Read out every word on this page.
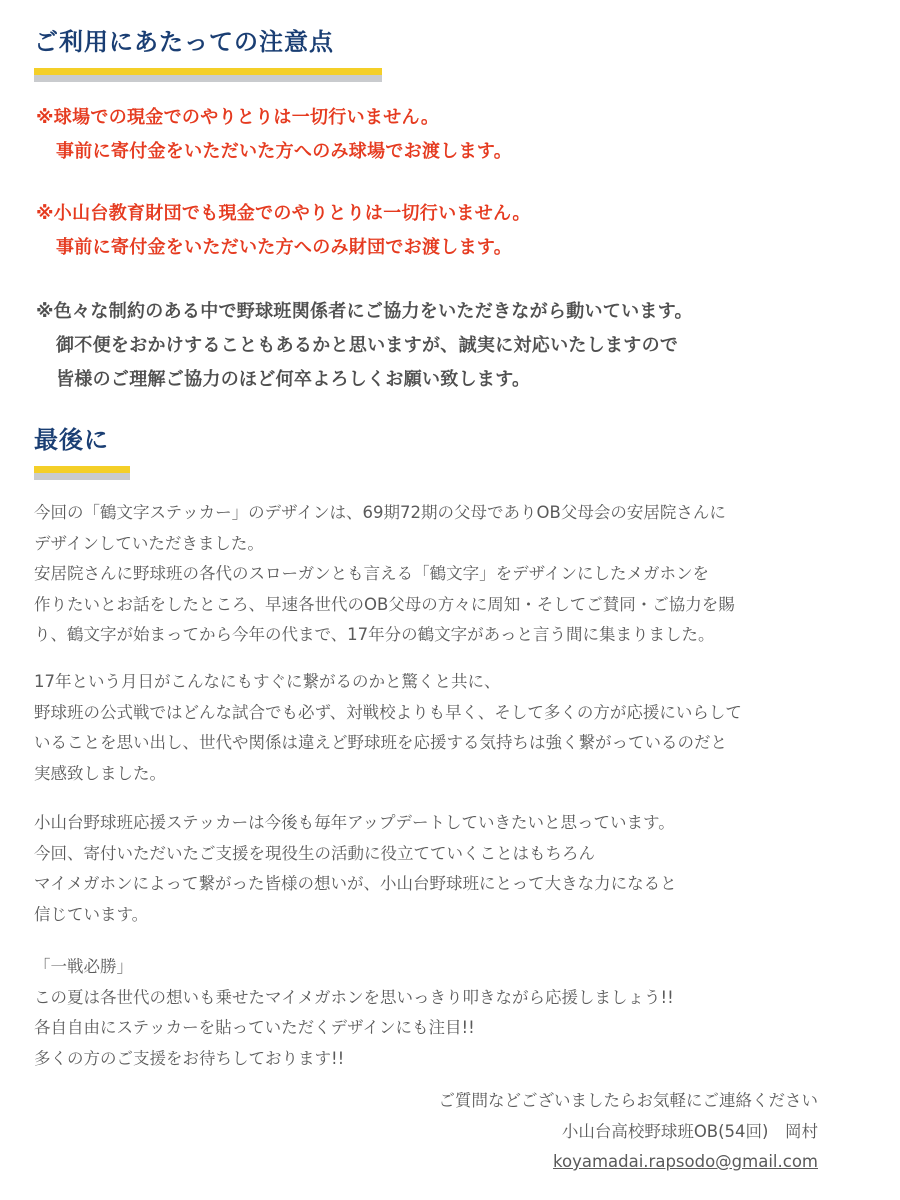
ご利用にあたっての注意点
※球場での現金でのやりとりは一切行いません。
事前に寄付金をいただいた方へのみ球場でお渡します。
※小山台教育財団でも現金でのやりとりは一切行いません。
事前に寄付金をいただいた方へのみ財団でお渡します。
※色々な制約のある中で野球班関係者にご協力をいただきながら動いています。
御不便をおかけすることもあるかと思いますが、誠実に対応いたしますので
皆様のご理解ご協力のほど何卒よろしくお願い致します。
最後に
今回の「鶴文字ステッカー」のデザインは、69期72期の父母でありOB父母会の安居院さんに
デザインしていただきました。
安居院さんに野球班の各代のスローガンとも言える「鶴文字」をデザインにしたメガホンを
作りたいとお話をしたところ、早速各世代のOB父母の方々に周知・そしてご賛同・ご協力を賜
り、鶴文字が始まってから今年の代まで、17年分の鶴文字があっと言う間に集まりました。
17年という月日がこんなにもすぐに繋がるのかと驚くと共に、
野球班の公式戦ではどんな試合でも必ず、対戦校よりも早く、そして多くの方が応援にいらして
いることを思い出し、世代や関係は違えど野球班を応援する気持ちは強く繋がっているのだと
実感致しました。
小山台野球班応援ステッカーは今後も毎年アップデートしていきたいと思っています。
今回、寄付いただいたご支援を現役生の活動に役立てていくことはもちろん
マイメガホンによって繋がった皆様の想いが、小山台野球班にとって大きな力になると
信じています。
「一戦必勝」
この夏は各世代の想いも乗せたマイメガホンを思いっきり叩きながら応援しましょう!!
各自自由にステッカーを貼っていただくデザインにも注目!!
多くの方のご支援をお待ちしております!!
ご質問などございましたらお気軽にご連絡ください
小山台高校野球班OB(54回)　岡村
koyamadai.rapsodo@gmail.com
